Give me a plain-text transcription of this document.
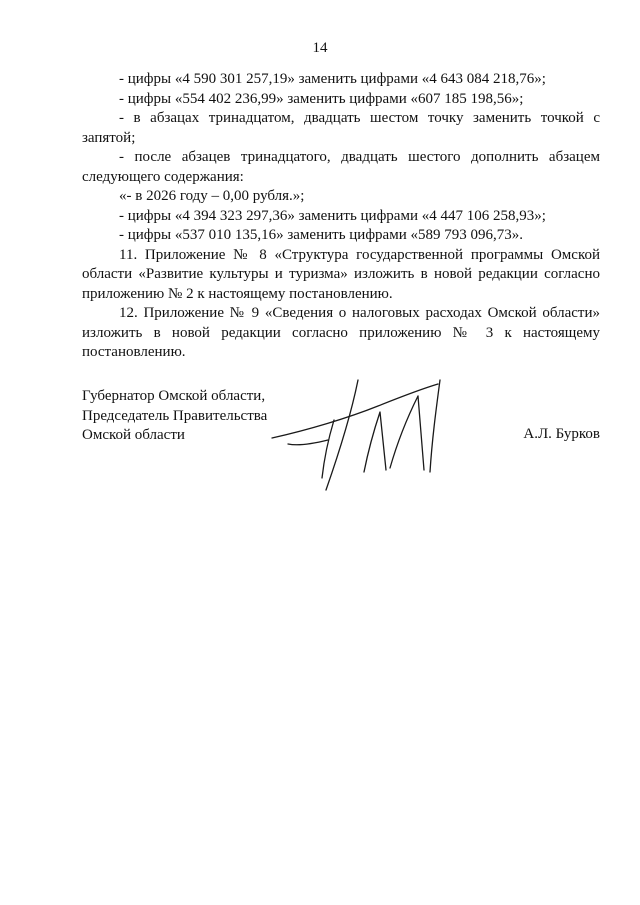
14

- цифры «4 590 301 257,19» заменить цифрами «4 643 084 218,76»;

- цифры «554 402 236,99» заменить цифрами «607 185 198,56»;

- в абзацах тринадцатом, двадцать шестом точку заменить точкой с запятой;

- после абзацев тринадцатого, двадцать шестого дополнить абзацем следующего содержания:

«- в 2026 году – 0,00 рубля.»;

- цифры «4 394 323 297,36» заменить цифрами «4 447 106 258,93»;

- цифры «537 010 135,16» заменить цифрами «589 793 096,73».

11. Приложение № 8 «Структура государственной программы Омской области «Развитие культуры и туризма» изложить в новой редакции согласно приложению № 2 к настоящему постановлению.

12. Приложение № 9 «Сведения о налоговых расходах Омской области» изложить в новой редакции согласно приложению № 3 к настоящему постановлению.

Губернатор Омской области,
Председатель Правительства
Омской области	А.Л. Бурков
